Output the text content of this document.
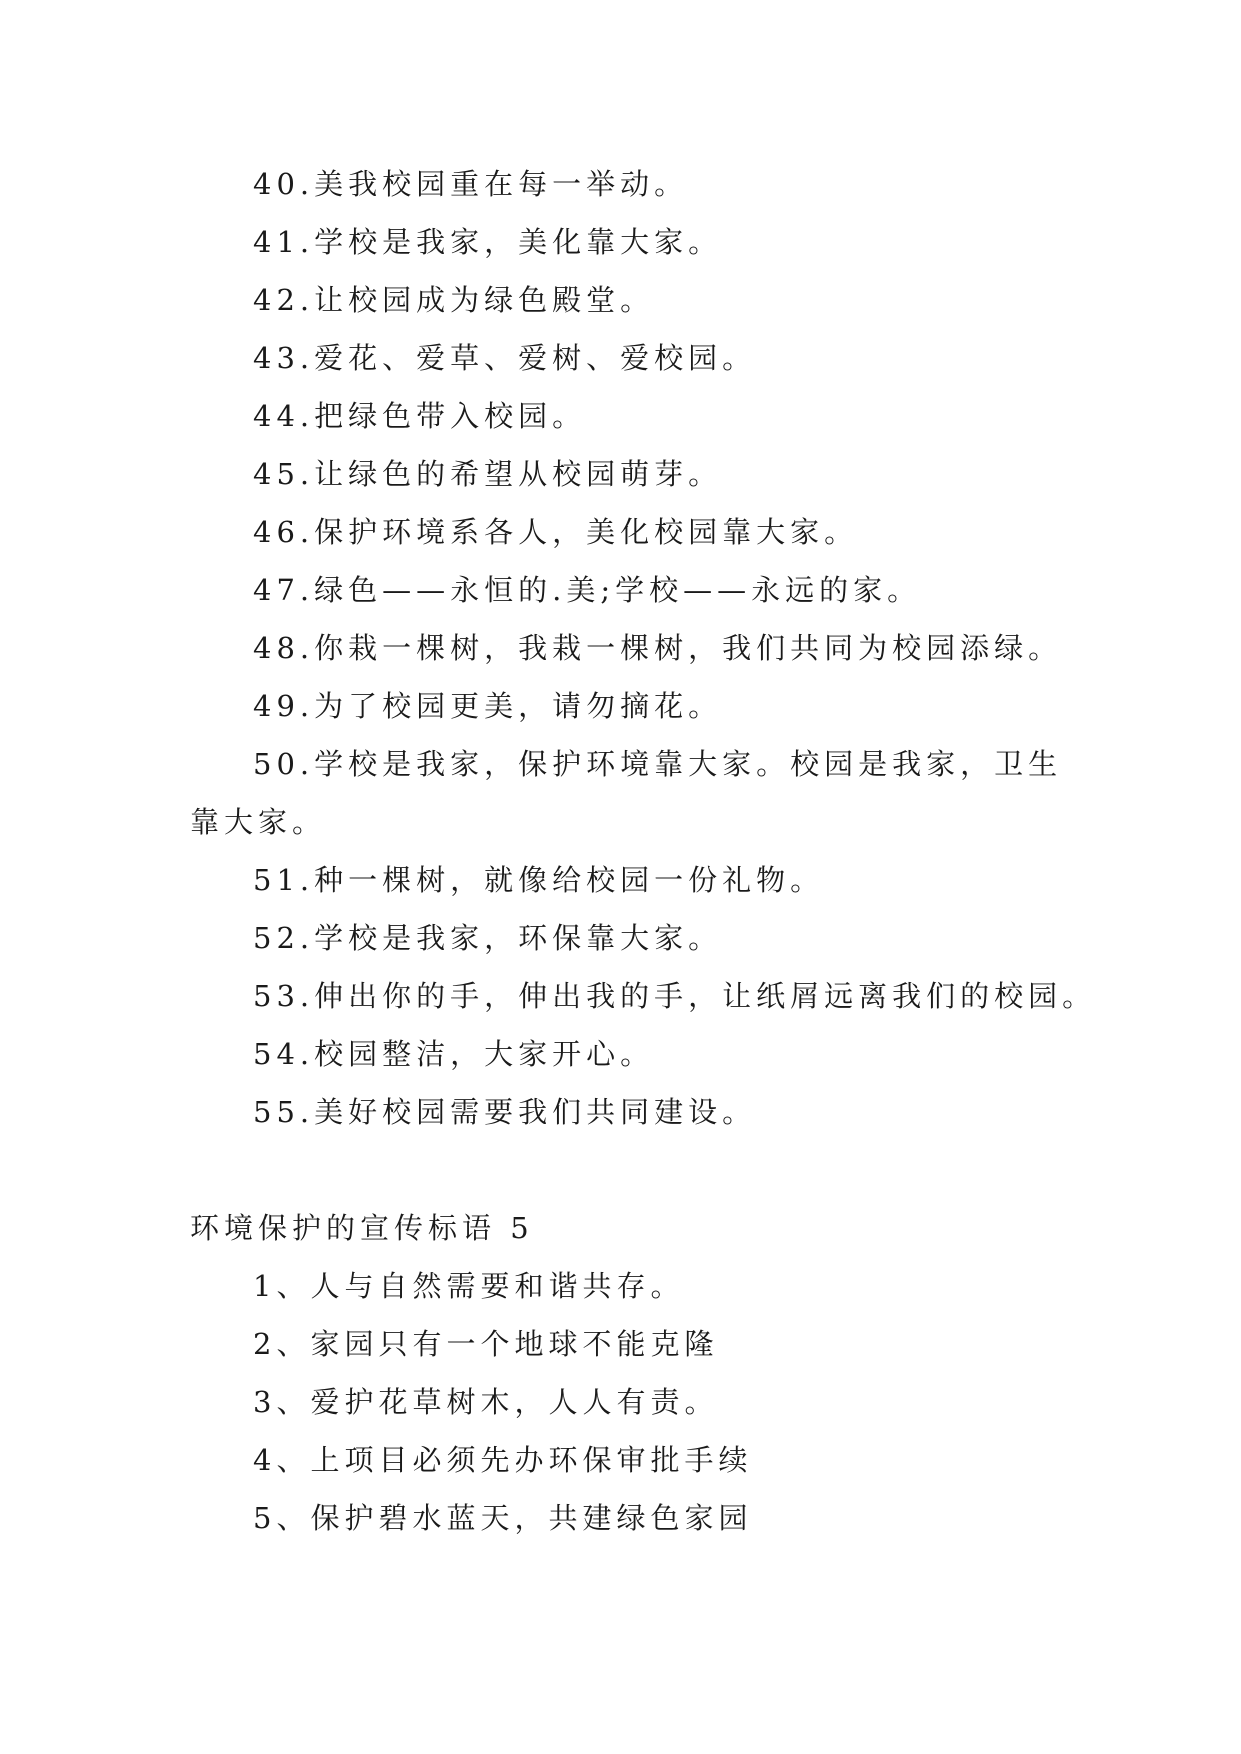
40.美我校园重在每一举动。
41.学校是我家，美化靠大家。
42.让校园成为绿色殿堂。
43.爱花、爱草、爱树、爱校园。
44.把绿色带入校园。
45.让绿色的希望从校园萌芽。
46.保护环境系各人，美化校园靠大家。
47.绿色——永恒的.美;学校——永远的家。
48.你栽一棵树，我栽一棵树，我们共同为校园添绿。
49.为了校园更美，请勿摘花。
50.学校是我家，保护环境靠大家。校园是我家，卫生
靠大家。
51.种一棵树，就像给校园一份礼物。
52.学校是我家，环保靠大家。
53.伸出你的手，伸出我的手，让纸屑远离我们的校园。
54.校园整洁，大家开心。
55.美好校园需要我们共同建设。
环境保护的宣传标语 5
1、人与自然需要和谐共存。
2、家园只有一个地球不能克隆
3、爱护花草树木，人人有责。
4、上项目必须先办环保审批手续
5、保护碧水蓝天，共建绿色家园
